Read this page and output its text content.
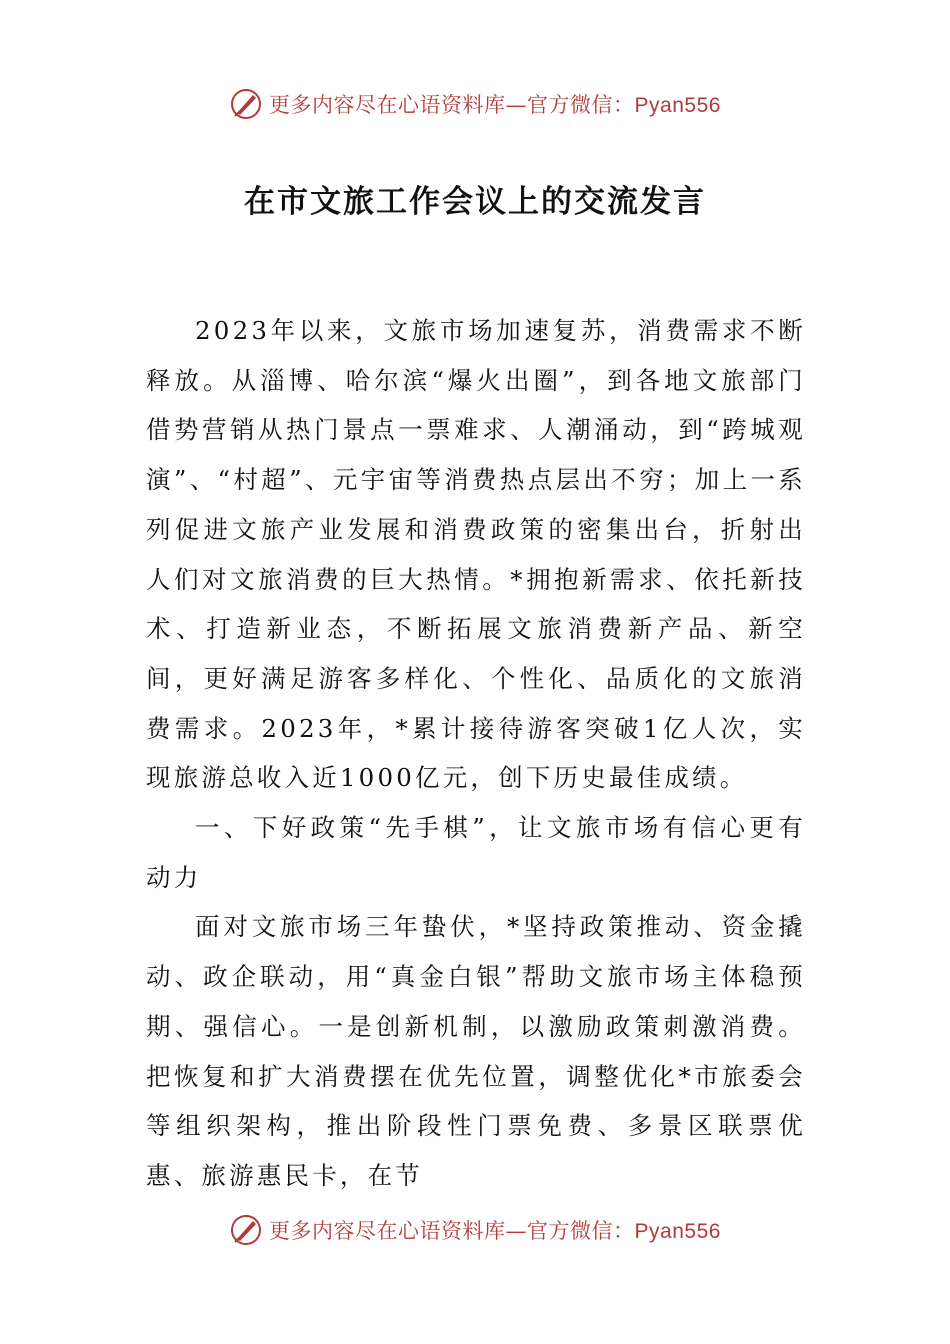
更多内容尽在心语资料库—官方微信：Pyan556
在市文旅工作会议上的交流发言

2023年以来，文旅市场加速复苏，消费需求不断释放。从淄博、哈尔滨“爆火出圈”，到各地文旅部门借势营销从热门景点一票难求、人潮涌动，到“跨城观演”、“村超”、元宇宙等消费热点层出不穷；加上一系列促进文旅产业发展和消费政策的密集出台，折射出人们对文旅消费的巨大热情。*拥抱新需求、依托新技术、打造新业态，不断拓展文旅消费新产品、新空间，更好满足游客多样化、个性化、品质化的文旅消费需求。2023年，*累计接待游客突破1亿人次，实现旅游总收入近1000亿元，创下历史最佳成绩。

一、下好政策“先手棋”，让文旅市场有信心更有动力

面对文旅市场三年蛰伏，*坚持政策推动、资金撬动、政企联动，用“真金白银”帮助文旅市场主体稳预期、强信心。一是创新机制，以激励政策刺激消费。把恢复和扩大消费摆在优先位置，调整优化*市旅委会等组织架构，推出阶段性门票免费、多景区联票优惠、旅游惠民卡，在节

更多内容尽在心语资料库—官方微信：Pyan556
